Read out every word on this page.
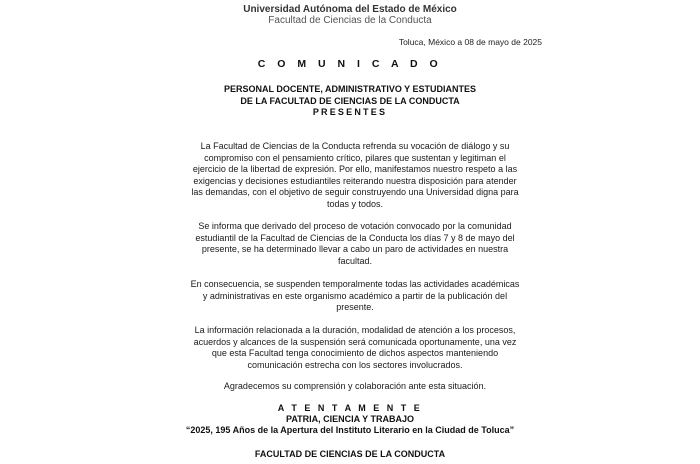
Universidad Autónoma del Estado de México
Facultad de Ciencias de la Conducta
Toluca, México a 08 de mayo de 2025
C O M U N I C A D O
PERSONAL DOCENTE, ADMINISTRATIVO Y ESTUDIANTES
DE LA FACULTAD DE CIENCIAS DE LA CONDUCTA
PRESENTES
La Facultad de Ciencias de la Conducta refrenda su vocación de diálogo y su compromiso con el pensamiento crítico, pilares que sustentan y legitiman el ejercicio de la libertad de expresión. Por ello, manifestamos nuestro respeto a las exigencias y decisiones estudiantiles reiterando nuestra disposición para atender las demandas, con el objetivo de seguir construyendo una Universidad digna para todas y todos.
Se informa que derivado del proceso de votación convocado por la comunidad estudiantil de la Facultad de Ciencias de la Conducta los días 7 y 8 de mayo del presente, se ha determinado llevar a cabo un paro de actividades en nuestra facultad.
En consecuencia, se suspenden temporalmente todas las actividades académicas y administrativas en este organismo académico a partir de la publicación del presente.
La información relacionada a la duración, modalidad de atención a los procesos, acuerdos y alcances de la suspensión será comunicada oportunamente, una vez que esta Facultad tenga conocimiento de dichos aspectos manteniendo comunicación estrecha con los sectores involucrados.
Agradecemos su comprensión y colaboración ante esta situación.
A T E N T A M E N T E
PATRIA, CIENCIA Y TRABAJO
“2025, 195 Años de la Apertura del Instituto Literario en la Ciudad de Toluca”
FACULTAD DE CIENCIAS DE LA CONDUCTA
